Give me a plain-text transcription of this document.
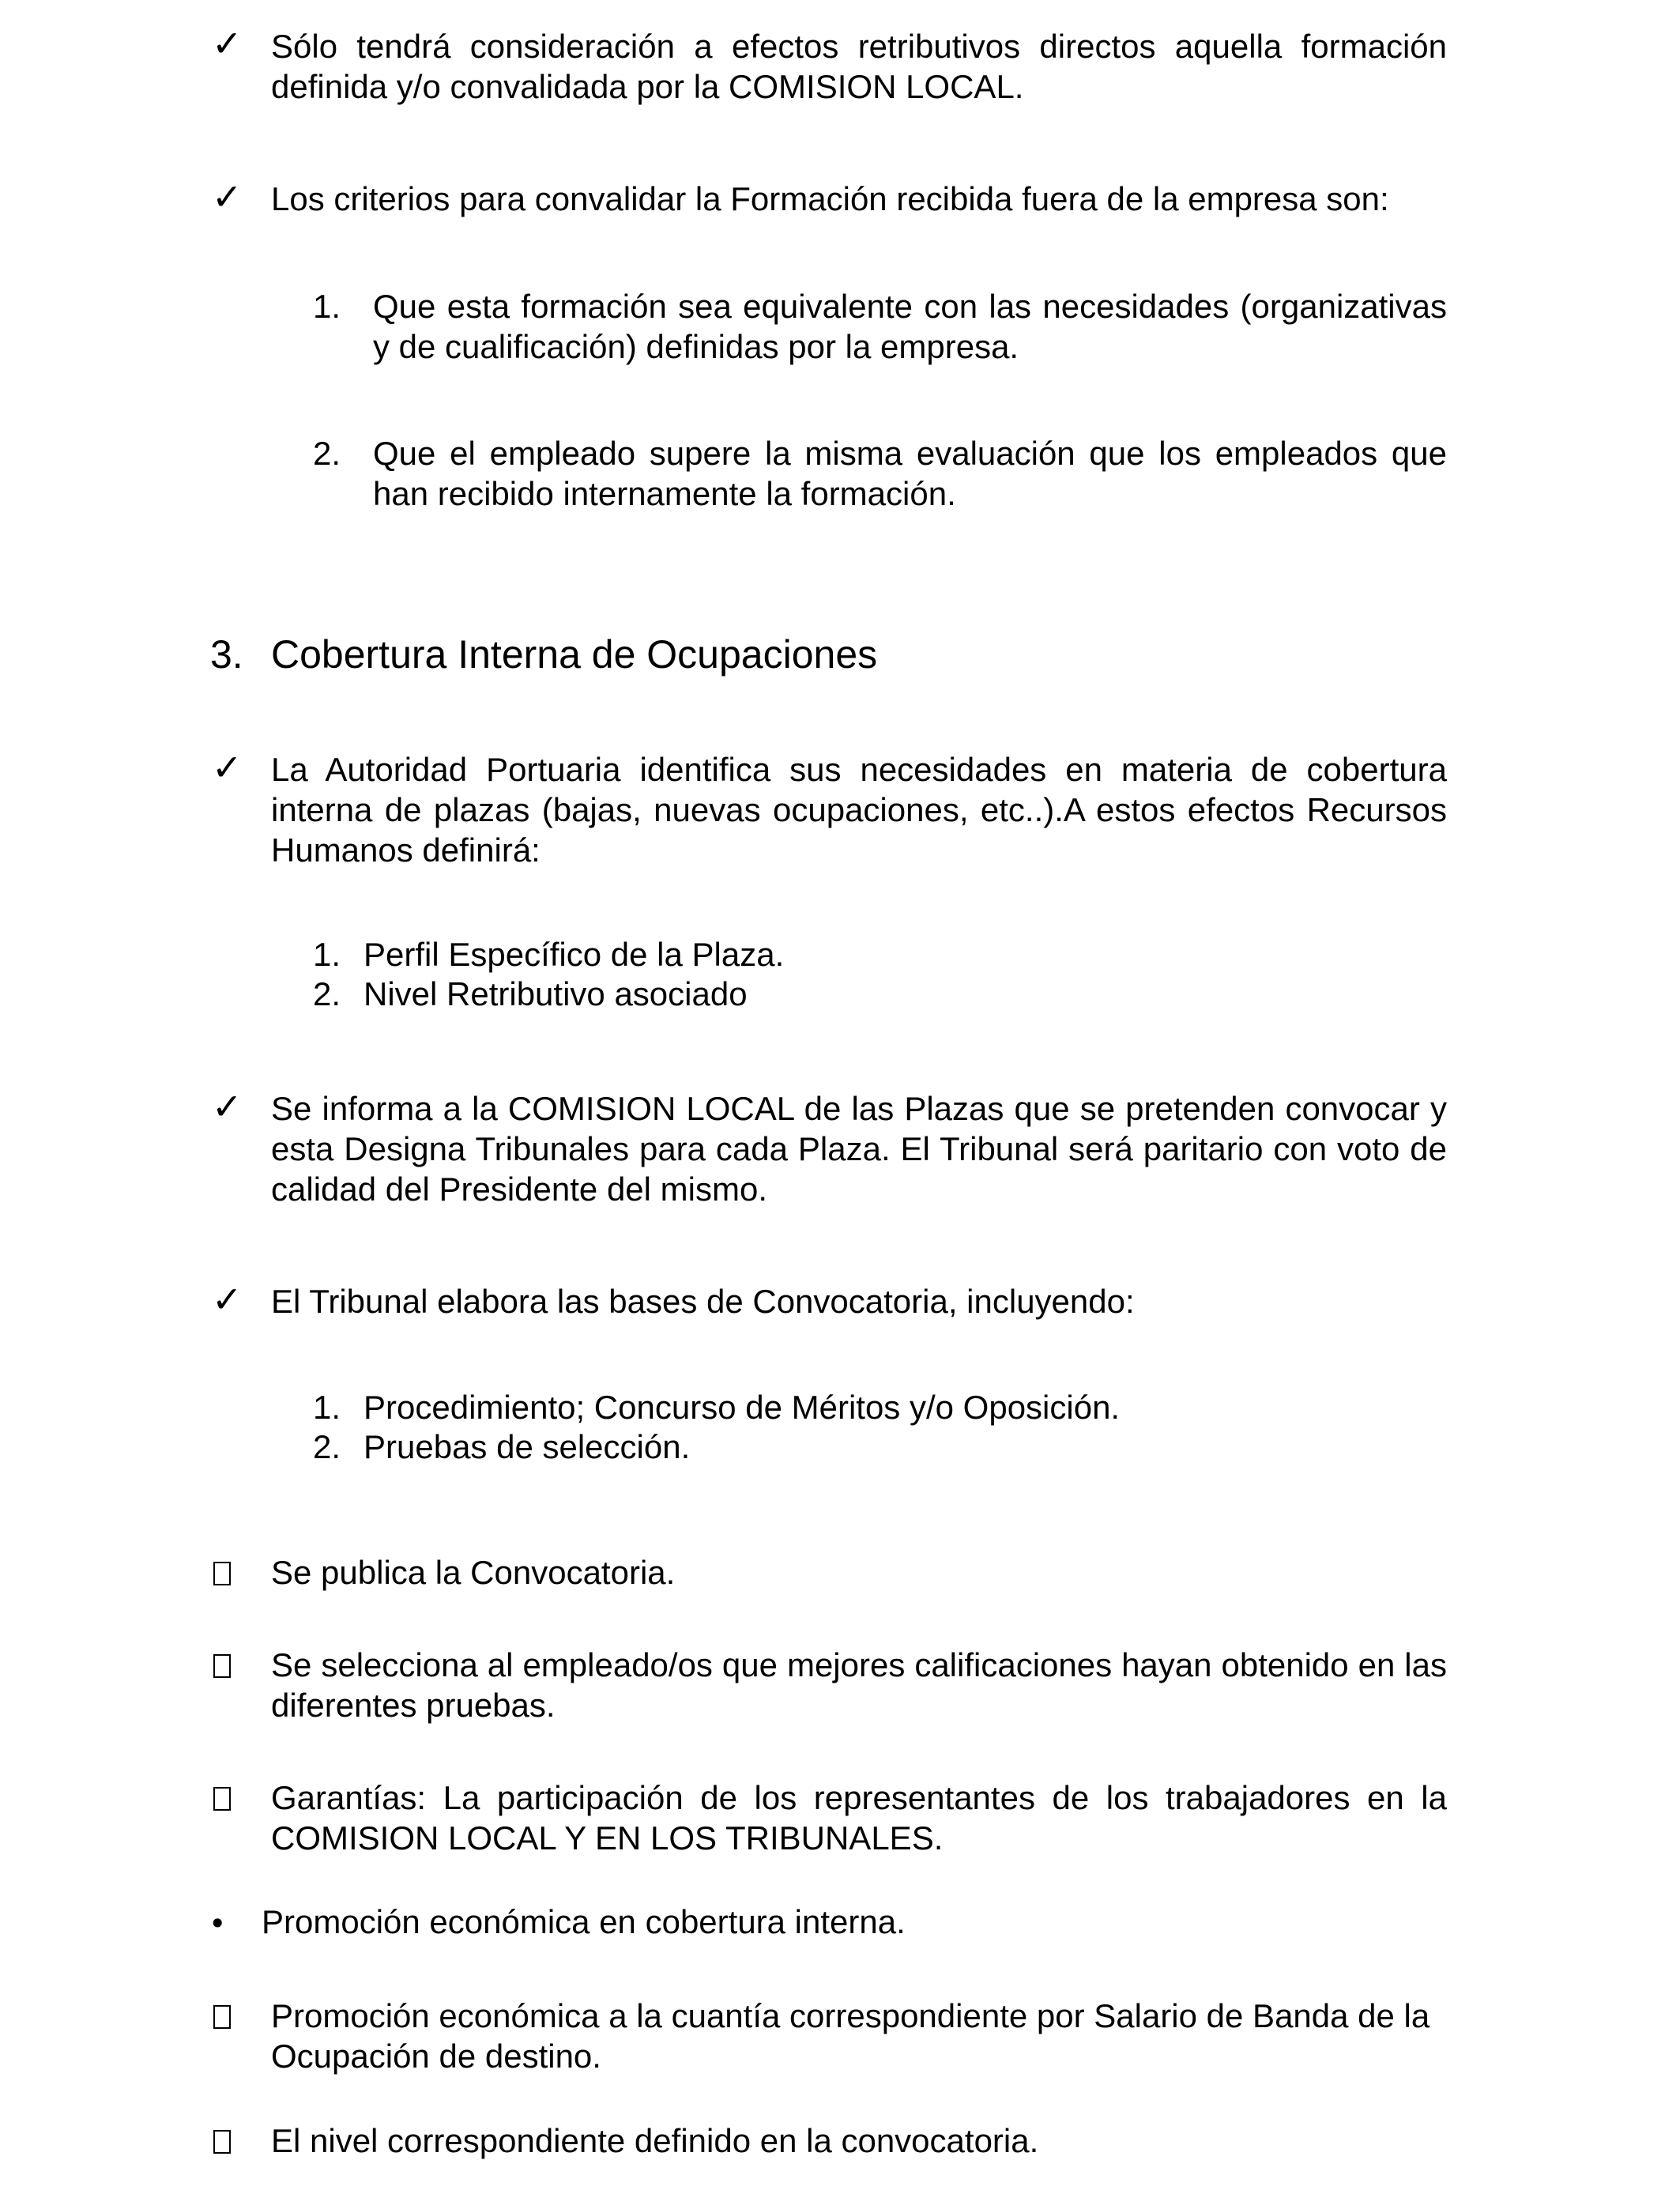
✓ Sólo tendrá consideración a efectos retributivos directos aquella formación definida y/o convalidada por la COMISION LOCAL.
✓ Los criterios para convalidar la Formación recibida fuera de la empresa son:
1. Que esta formación sea equivalente con las necesidades (organizativas y de cualificación) definidas por la empresa.
2. Que el empleado supere la misma evaluación que los empleados que han recibido internamente la formación.
3. Cobertura Interna de Ocupaciones
✓ La Autoridad Portuaria identifica sus necesidades en materia de cobertura interna de plazas (bajas, nuevas ocupaciones, etc..).A estos efectos Recursos Humanos definirá:
1. Perfil Específico de la Plaza.
2. Nivel Retributivo asociado
✓ Se informa a la COMISION LOCAL de las Plazas que se pretenden convocar y esta Designa Tribunales para cada Plaza. El Tribunal será paritario con voto de calidad del Presidente del mismo.
✓ El Tribunal elabora las bases de Convocatoria, incluyendo:
1. Procedimiento; Concurso de Méritos y/o Oposición.
2. Pruebas de selección.
Se publica la Convocatoria.
Se selecciona al empleado/os que mejores calificaciones hayan obtenido en las diferentes pruebas.
Garantías: La participación de los representantes de los trabajadores en la COMISION LOCAL Y EN LOS TRIBUNALES.
• Promoción económica en cobertura interna.
Promoción económica a la cuantía correspondiente por Salario de Banda de la Ocupación de destino.
El nivel correspondiente definido en la convocatoria.
